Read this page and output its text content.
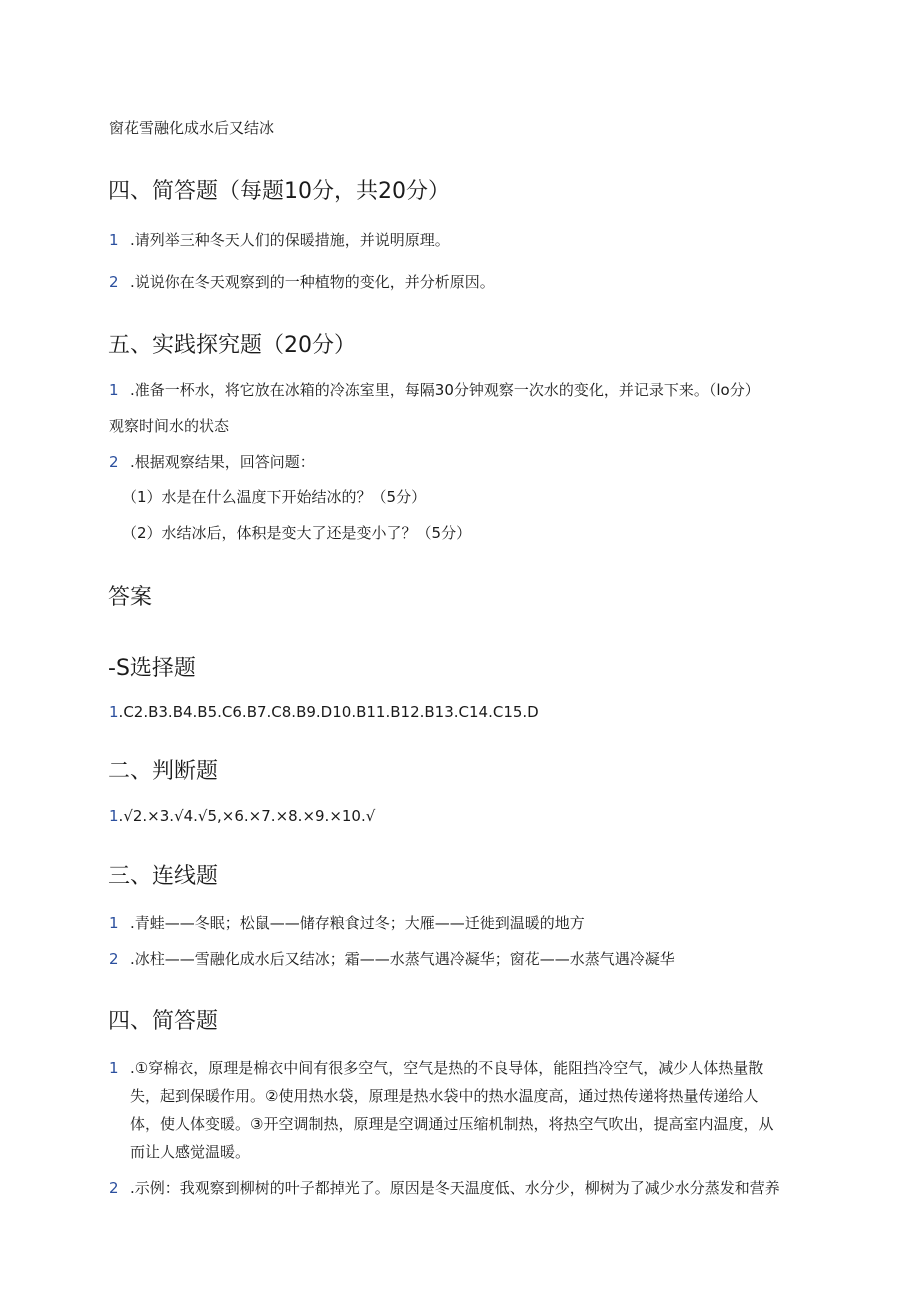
窗花雪融化成水后又结冰
四、简答题（每题10分，共20分）
1 .请列举三种冬天人们的保暖措施，并说明原理。
2 .说说你在冬天观察到的一种植物的变化，并分析原因。
五、实践探究题（20分）
1 .准备一杯水，将它放在冰箱的冷冻室里，每隔30分钟观察一次水的变化，并记录下来。（lo分）
观察时间水的状态
2 .根据观察结果，回答问题：
（1）水是在什么温度下开始结冰的？（5分）
（2）水结冰后，体积是变大了还是变小了？（5分）
答案
-S选择题
1.C2.B3.B4.B5.C6.B7.C8.B9.D10.B11.B12.B13.C14.C15.D
二、判断题
1.√2.×3.√4.√5,×6.×7.×8.×9.×10.√
三、连线题
1 .青蛙——冬眠；松鼠——储存粮食过冬；大雁——迁徙到温暖的地方
2 .冰柱——雪融化成水后又结冰；霜——水蒸气遇冷凝华；窗花——水蒸气遇冷凝华
四、简答题
1 .①穿棉衣，原理是棉衣中间有很多空气，空气是热的不良导体，能阻挡冷空气，减少人体热量散
失，起到保暖作用。②使用热水袋，原理是热水袋中的热水温度高，通过热传递将热量传递给人
体，使人体变暖。③开空调制热，原理是空调通过压缩机制热，将热空气吹出，提高室内温度，从
而让人感觉温暖。
2 .示例：我观察到柳树的叶子都掉光了。原因是冬天温度低、水分少，柳树为了减少水分蒸发和营养
